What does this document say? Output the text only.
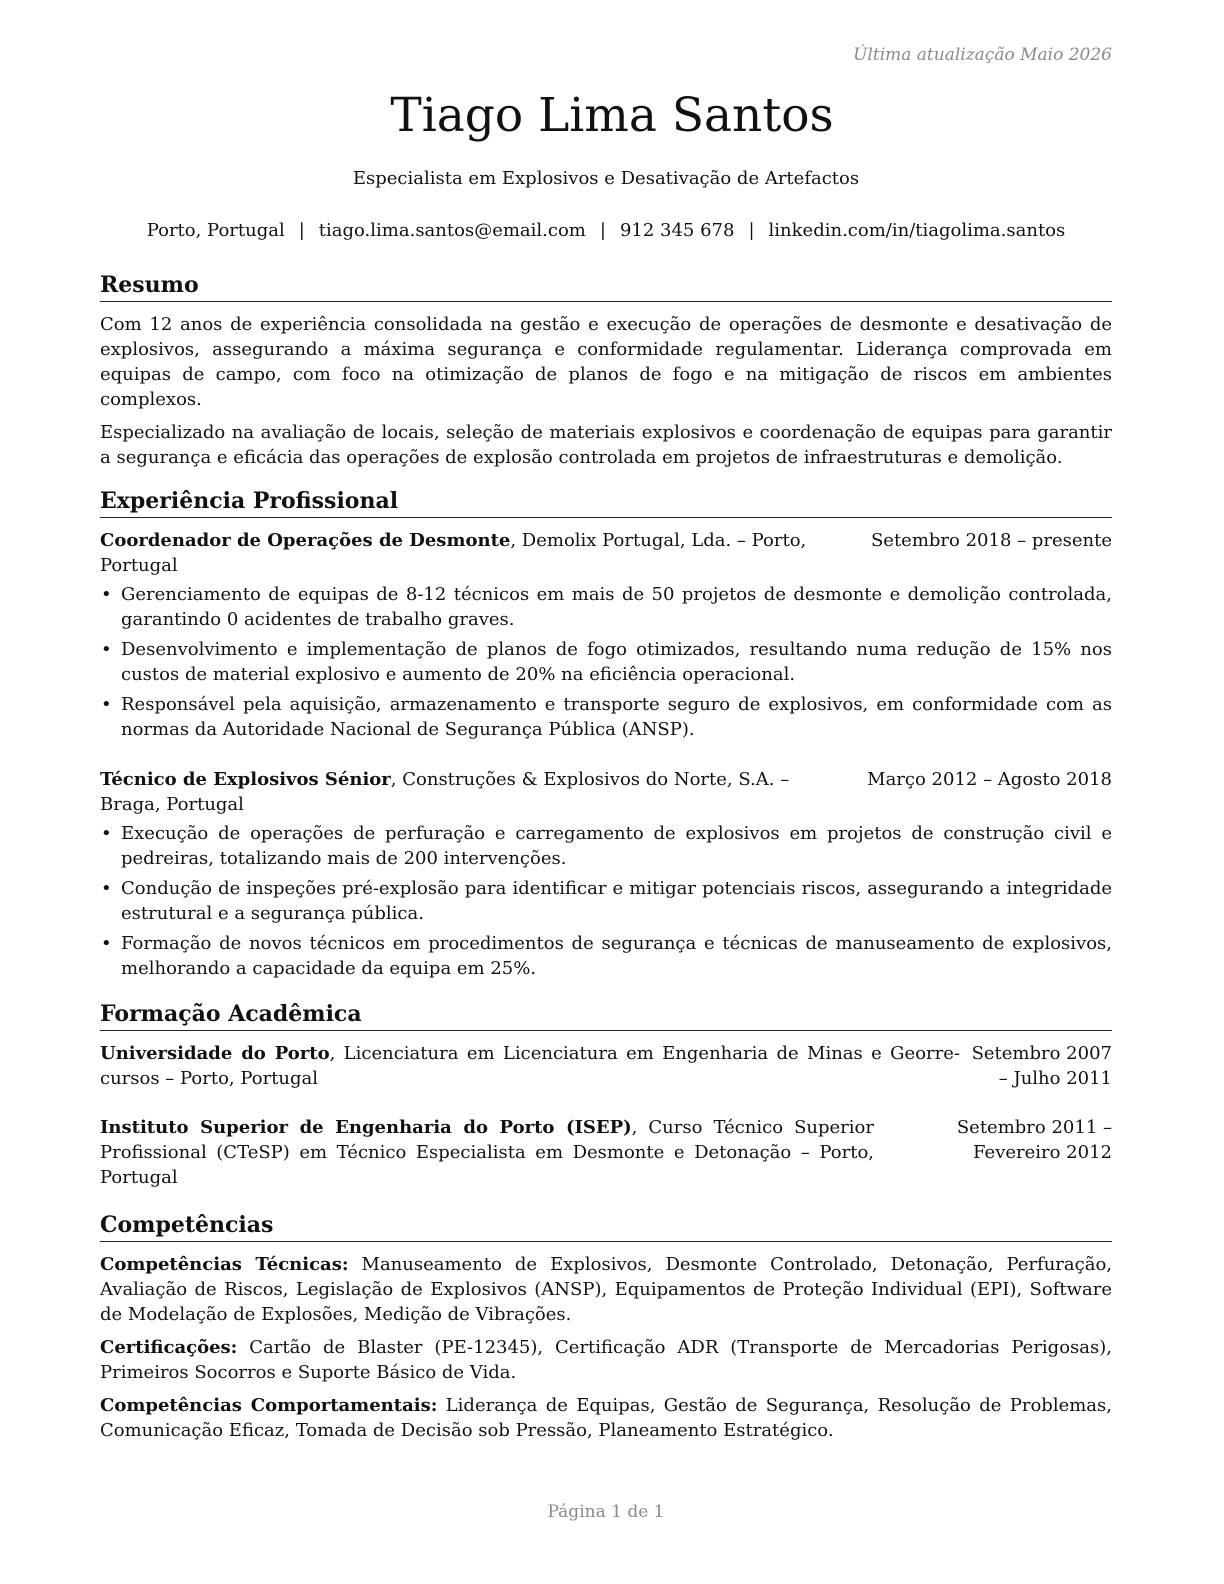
Última atualização Maio 2026
Tiago Lima Santos
Especialista em Explosivos e Desativação de Artefactos
Porto, Portugal | tiago.lima.santos@email.com | 912 345 678 | linkedin.com/in/tiagolima.santos
Resumo

Com 12 anos de experiência consolidada na gestão e execução de operações de desmonte e desativação de explosivos, assegurando a máxima segurança e conformidade regulamentar. Liderança comprovada em equipas de campo, com foco na otimização de planos de fogo e na mitigação de riscos em ambientes complexos.

Especializado na avaliação de locais, seleção de materiais explosivos e coordenação de equipas para garantir a segurança e eficácia das operações de explosão controlada em projetos de infraestruturas e demolição.

Experiência Profissional
Coordenador de Operações de Desmonte, Demolix Portugal, Lda. – Porto, Portugal
Setembro 2018 – presente
• Gerenciamento de equipas de 8-12 técnicos em mais de 50 projetos de desmonte e demolição controlada, garantindo 0 acidentes de trabalho graves.
• Desenvolvimento e implementação de planos de fogo otimizados, resultando numa redução de 15% nos custos de material explosivo e aumento de 20% na eficiência operacional.
• Responsável pela aquisição, armazenamento e transporte seguro de explosivos, em conformidade com as normas da Autoridade Nacional de Segurança Pública (ANSP).
Técnico de Explosivos Sénior, Construções & Explosivos do Norte, S.A. – Braga, Portugal
Março 2012 – Agosto 2018
• Execução de operações de perfuração e carregamento de explosivos em projetos de construção civil e pedreiras, totalizando mais de 200 intervenções.
• Condução de inspeções pré-explosão para identificar e mitigar potenciais riscos, assegurando a integridade estrutural e a segurança pública.
• Formação de novos técnicos em procedimentos de segurança e técnicas de manuseamento de explosivos, melhorando a capacidade da equipa em 25%.
Formação Acadêmica
Universidade do Porto, Licenciatura em Licenciatura em Engenharia de Minas e Georrecursos – Porto, Portugal
Setembro 2007 – Julho 2011
Instituto Superior de Engenharia do Porto (ISEP), Curso Técnico Superior Profissional (CTeSP) em Técnico Especialista em Desmonte e Detonação – Porto, Portugal
Setembro 2011 – Fevereiro 2012
Competências

Competências Técnicas: Manuseamento de Explosivos, Desmonte Controlado, Detonação, Perfuração, Avaliação de Riscos, Legislação de Explosivos (ANSP), Equipamentos de Proteção Individual (EPI), Software de Modelação de Explosões, Medição de Vibrações.

Certificações: Cartão de Blaster (PE-12345), Certificação ADR (Transporte de Mercadorias Perigosas), Primeiros Socorros e Suporte Básico de Vida.

Competências Comportamentais: Liderança de Equipas, Gestão de Segurança, Resolução de Problemas, Comunicação Eficaz, Tomada de Decisão sob Pressão, Planeamento Estratégico.

Página 1 de 1
